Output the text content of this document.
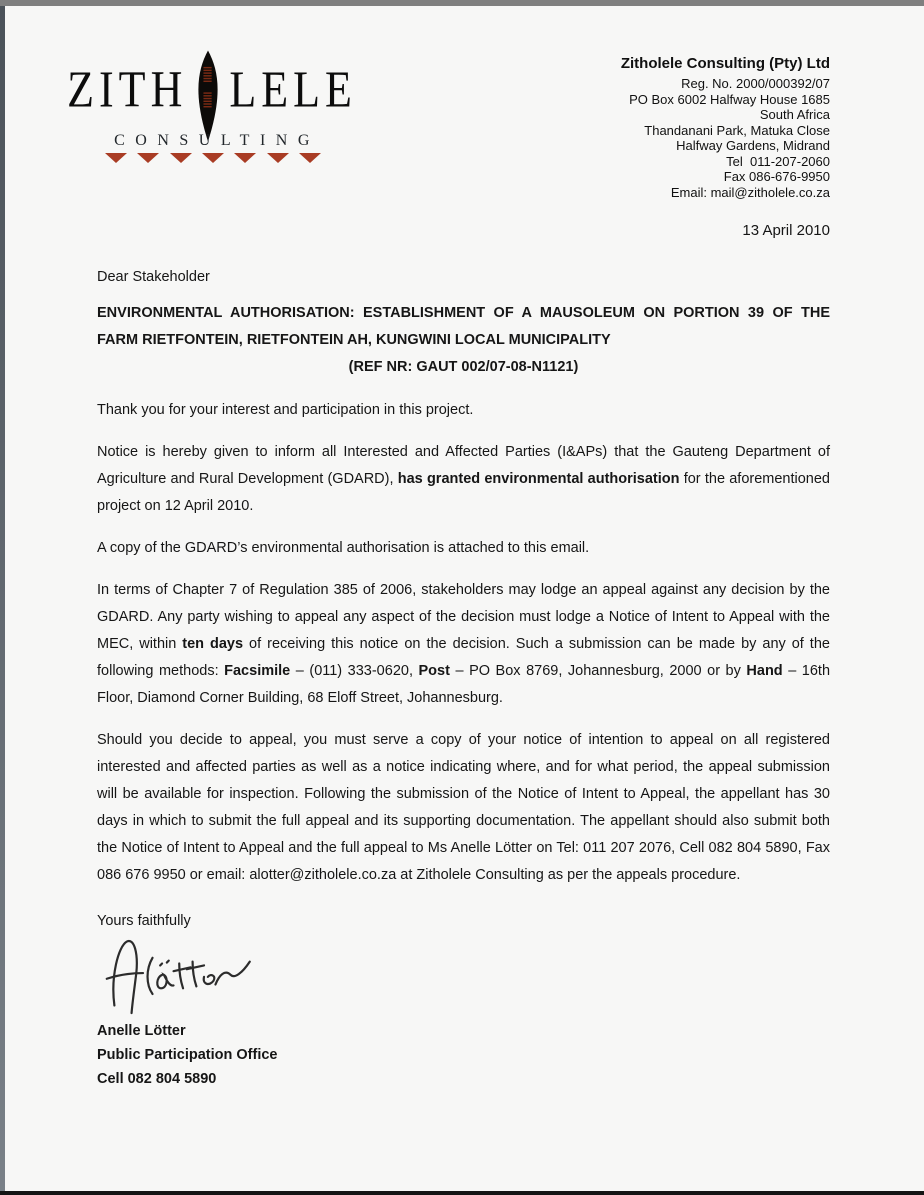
ZITH LELE
CONSULTING
Zitholele Consulting (Pty) Ltd
Reg. No. 2000/000392/07
PO Box 6002 Halfway House 1685
South Africa
Thandanani Park, Matuka Close
Halfway Gardens, Midrand
Tel  011-207-2060
Fax 086-676-9950
Email: mail@zitholele.co.za
13 April 2010
Dear Stakeholder
ENVIRONMENTAL AUTHORISATION: ESTABLISHMENT OF A MAUSOLEUM ON PORTION 39 OF THE FARM RIETFONTEIN, RIETFONTEIN AH, KUNGWINI LOCAL MUNICIPALITY
(REF NR: GAUT 002/07-08-N1121)

Thank you for your interest and participation in this project.

Notice is hereby given to inform all Interested and Affected Parties (I&APs) that the Gauteng Department of Agriculture and Rural Development (GDARD), has granted environmental authorisation for the aforementioned project on 12 April 2010.

A copy of the GDARD’s environmental authorisation is attached to this email.

In terms of Chapter 7 of Regulation 385 of 2006, stakeholders may lodge an appeal against any decision by the GDARD. Any party wishing to appeal any aspect of the decision must lodge a Notice of Intent to Appeal with the MEC, within ten days of receiving this notice on the decision. Such a submission can be made by any of the following methods: Facsimile – (011) 333-0620, Post – PO Box 8769, Johannesburg, 2000 or by Hand – 16th Floor, Diamond Corner Building, 68 Eloff Street, Johannesburg.

Should you decide to appeal, you must serve a copy of your notice of intention to appeal on all registered interested and affected parties as well as a notice indicating where, and for what period, the appeal submission will be available for inspection. Following the submission of the Notice of Intent to Appeal, the appellant has 30 days in which to submit the full appeal and its supporting documentation. The appellant should also submit both the Notice of Intent to Appeal and the full appeal to Ms Anelle Lötter on Tel: 011 207 2076, Cell 082 804 5890, Fax 086 676 9950 or email: alotter@zitholele.co.za at Zitholele Consulting as per the appeals procedure.

Yours faithfully
Anelle Lötter
Public Participation Office
Cell 082 804 5890
